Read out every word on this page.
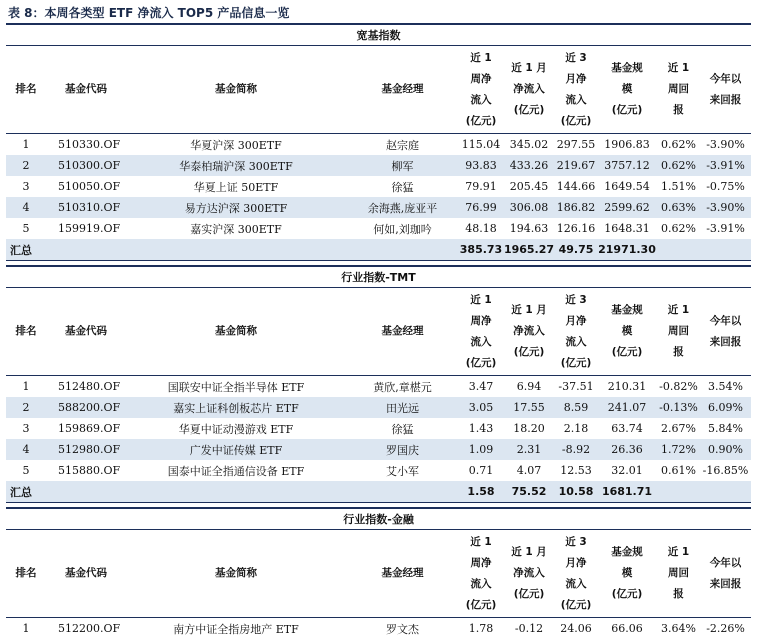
表 8：本周各类型 ETF 净流入 TOP5 产品信息一览
宽基指数									
排名	基金代码	基金简称	基金经理	近 1
周净
流入
(亿元)	近 1 月
净流入
(亿元)	近 3
月净
流入
(亿元)	基金规
模
(亿元)	近 1
周回
报	今年以
来回报
1	510330.OF	华夏沪深 300ETF	赵宗庭	115.04	345.02	297.55	1906.83	0.62%	-3.90%
2	510300.OF	华泰柏瑞沪深 300ETF	柳军	93.83	433.26	219.67	3757.12	0.62%	-3.91%
3	510050.OF	华夏上证 50ETF	徐猛	79.91	205.45	144.66	1649.54	1.51%	-0.75%
4	510310.OF	易方达沪深 300ETF	余海燕,庞亚平	76.99	306.08	186.82	2599.62	0.63%	-3.90%
5	159919.OF	嘉实沪深 300ETF	何如,刘珈吟	48.18	194.63	126.16	1648.31	0.62%	-3.91%
汇总				385.73	1965.27	49.75	21971.30		
行业指数-TMT									
排名	基金代码	基金简称	基金经理	近 1
周净
流入
(亿元)	近 1 月
净流入
(亿元)	近 3
月净
流入
(亿元)	基金规
模
(亿元)	近 1
周回
报	今年以
来回报
1	512480.OF	国联安中证全指半导体 ETF	黄欣,章椹元	3.47	6.94	-37.51	210.31	-0.82%	3.54%
2	588200.OF	嘉实上证科创板芯片 ETF	田光远	3.05	17.55	8.59	241.07	-0.13%	6.09%
3	159869.OF	华夏中证动漫游戏 ETF	徐猛	1.43	18.20	2.18	63.74	2.67%	5.84%
4	512980.OF	广发中证传媒 ETF	罗国庆	1.09	2.31	-8.92	26.36	1.72%	0.90%
5	515880.OF	国泰中证全指通信设备 ETF	艾小军	0.71	4.07	12.53	32.01	0.61%	-16.85%
汇总				1.58	75.52	10.58	1681.71		
行业指数-金融									
排名	基金代码	基金简称	基金经理	近 1
周净
流入
(亿元)	近 1 月
净流入
(亿元)	近 3
月净
流入
(亿元)	基金规
模
(亿元)	近 1
周回
报	今年以
来回报
1	512200.OF	南方中证全指房地产 ETF	罗文杰	1.78	-0.12	24.06	66.06	3.64%	-2.26%
